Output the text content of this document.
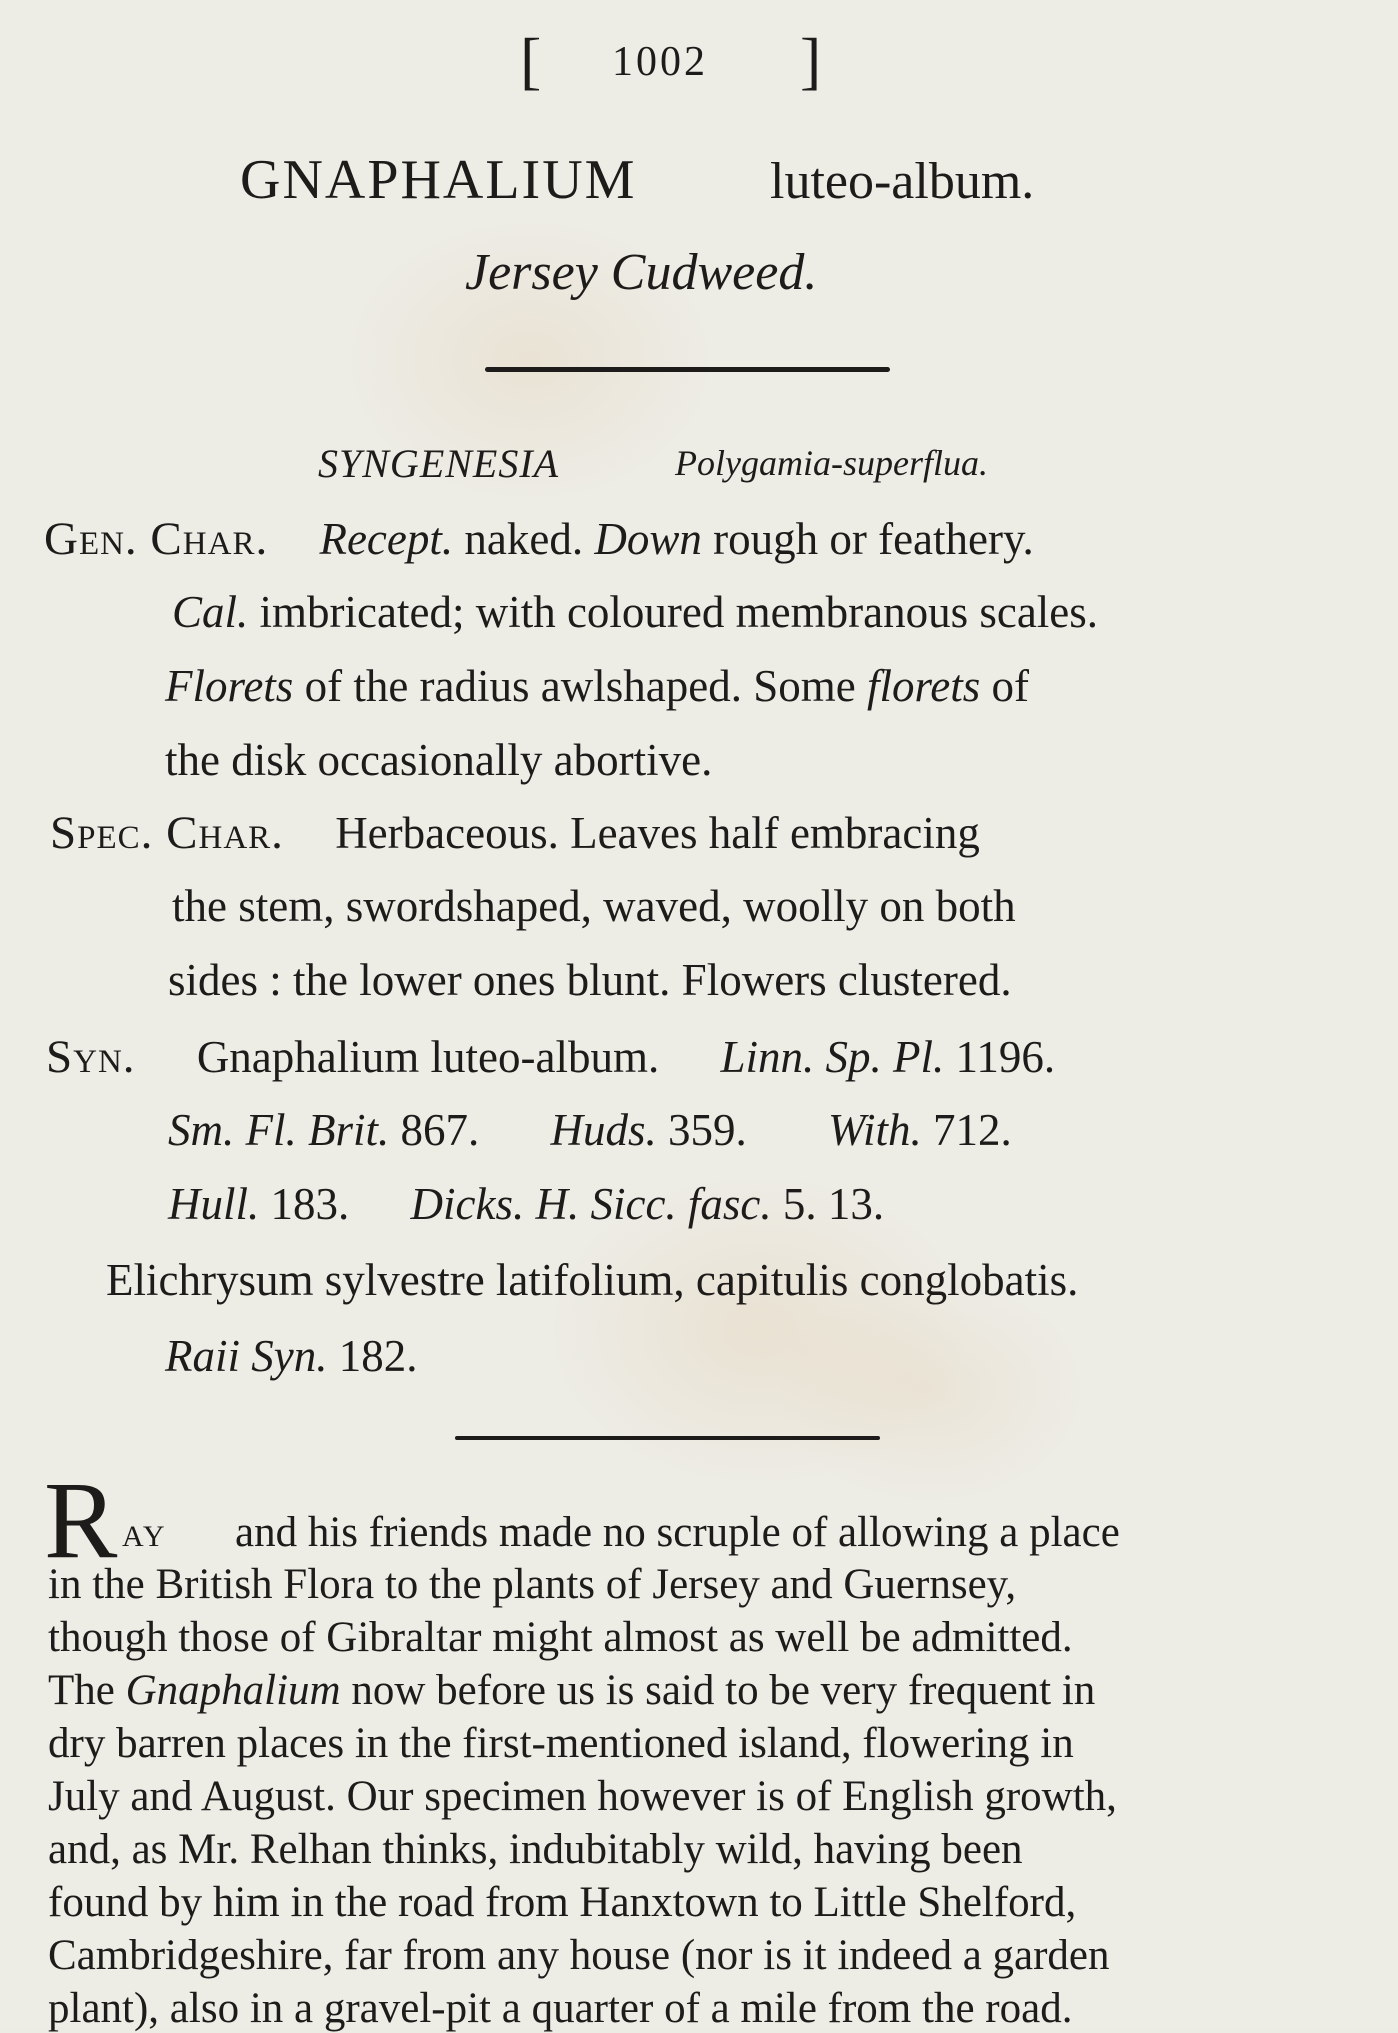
[ 1002 ]
GNAPHALIUM	luteo-album.
Jersey Cudweed.
SYNGENESIA	Polygamia-superflua.
Gen. Char. Recept. naked. Down rough or feathery.
Cal. imbricated; with coloured membranous scales.
Florets of the radius awlshaped. Some florets of
the disk occasionally abortive.
Spec. Char. Herbaceous. Leaves half embracing
the stem, swordshaped, waved, woolly on both
sides : the lower ones blunt. Flowers clustered.
Syn. Gnaphalium luteo-album. Linn. Sp. Pl. 1196.
Sm. Fl. Brit. 867. Huds. 359. With. 712.
Hull. 183. Dicks. H. Sicc. fasc. 5. 13.
Elichrysum sylvestre latifolium, capitulis conglobatis.
Raii Syn. 182.
R ay and his friends made no scruple of allowing a place
in the British Flora to the plants of Jersey and Guernsey,
though those of Gibraltar might almost as well be admitted.
The Gnaphalium now before us is said to be very frequent in
dry barren places in the first-mentioned island, flowering in
July and August. Our specimen however is of English growth,
and, as Mr. Relhan thinks, indubitably wild, having been
found by him in the road from Hanxtown to Little Shelford,
Cambridgeshire, far from any house (nor is it indeed a garden
plant), also in a gravel-pit a quarter of a mile from the road.
